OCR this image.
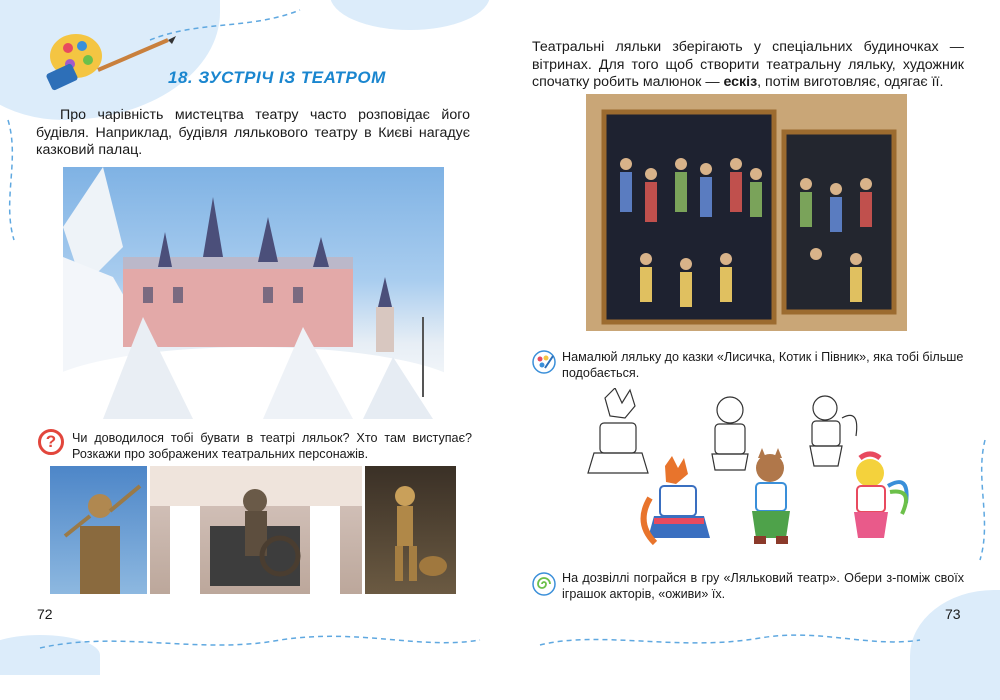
18. ЗУСТРІЧ ІЗ ТЕАТРОМ
Про чарівність мистецтва театру часто розповідає його будівля. Наприклад, будівля лялькового театру в Києві нагадує казковий палац.
?	Чи доводилося тобі бувати в театрі ляльок? Хто там виступає? Розкажи про зображених театральних персонажів.
72
Театральні ляльки зберігають у спеціальних будиночках — вітринах. Для того щоб створити театральну ляльку, художник спочатку робить малюнок — ескіз, потім виготовляє, одягає її.
Намалюй ляльку до казки «Лисичка, Котик і Півник», яка тобі більше подобається.
На дозвіллі пограйся в гру «Ляльковий театр». Обери з-поміж своїх іграшок акторів, «оживи» їх.
73
